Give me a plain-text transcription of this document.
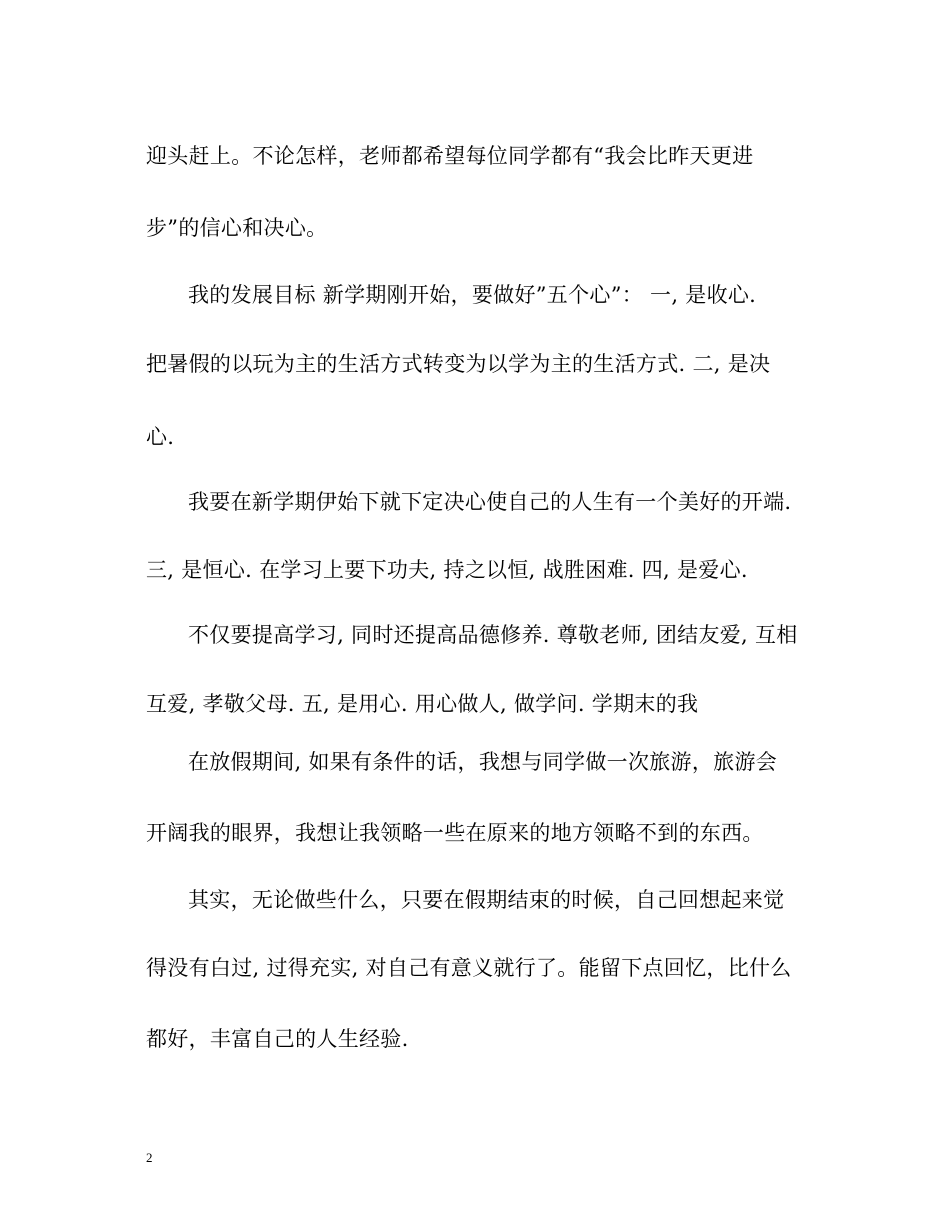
迎头赶上。不论怎样，老师都希望每位同学都有“我会比昨天更进
步”的信心和决心。
我的发展目标 新学期刚开始，要做好”五个心”： 一, 是收心.
把暑假的以玩为主的生活方式转变为以学为主的生活方式. 二, 是决
心.
我要在新学期伊始下就下定决心使自己的人生有一个美好的开端.
三, 是恒心. 在学习上要下功夫, 持之以恒, 战胜困难. 四, 是爱心.
不仅要提高学习, 同时还提高品德修养. 尊敬老师, 团结友爱, 互相
互爱, 孝敬父母. 五, 是用心. 用心做人, 做学问. 学期末的我
在放假期间, 如果有条件的话，我想与同学做一次旅游，旅游会
开阔我的眼界，我想让我领略一些在原来的地方领略不到的东西。
其实，无论做些什么，只要在假期结束的时候，自己回想起来觉
得没有白过, 过得充实, 对自己有意义就行了。能留下点回忆，比什么
都好，丰富自己的人生经验.
2
